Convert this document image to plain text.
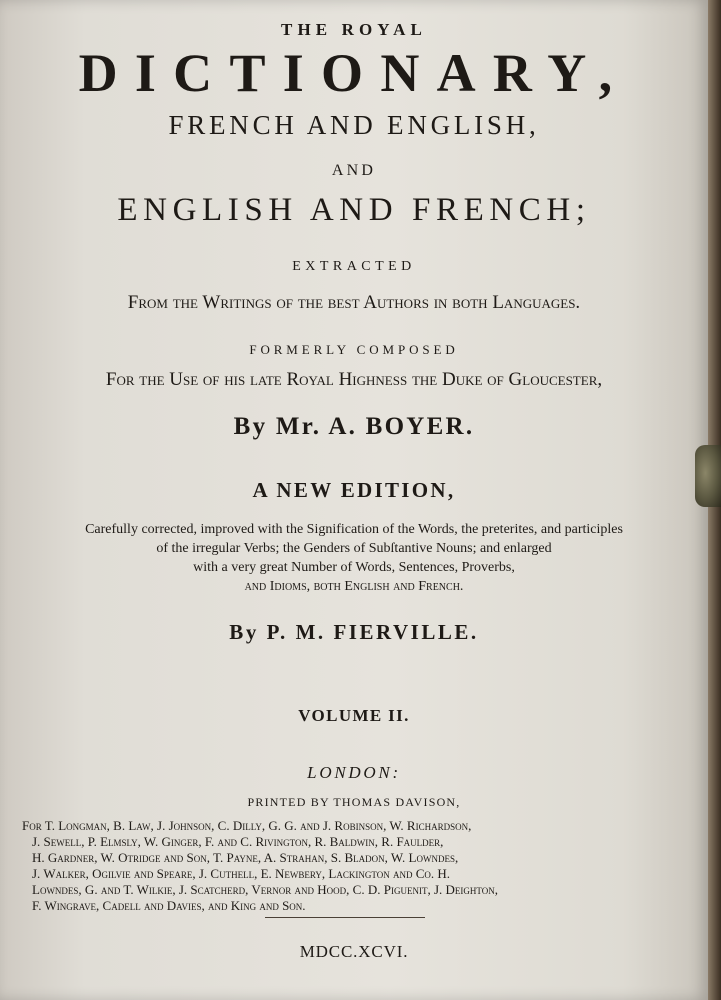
THE ROYAL
DICTIONARY,
FRENCH AND ENGLISH,
AND
ENGLISH AND FRENCH;
EXTRACTED
From the Writings of the best Authors in both Languages.
FORMERLY COMPOSED
For the Uſe of his late Royal Highneſs the Duke of Gloucester,
By Mr. A. BOYER.
A NEW EDITION,
Carefully corrected, improved with the Signification of the Words, the preterites, and participles
of the irregular Verbs; the Genders of Subſtantive Nouns; and enlarged
with a very great Number of Words, Sentences, Proverbs,
and Idioms, both English and French.
By P. M. FIERVILLE.
VOLUME II.
LONDON:
PRINTED BY THOMAS DAVISON,
For T. Longman, B. Law, J. Johnson, C. Dilly, G. G. and J. Robinson, W. Richardson,
J. Sewell, P. Elmsly, W. Ginger, F. and C. Rivington, R. Baldwin, R. Faulder,
H. Gardner, W. Otridge and Son, T. Payne, A. Strahan, S. Bladon, W. Lowndes,
J. Walker, Ogilvie and Speare, J. Cuthell, E. Newbery, Lackington and Co. H.
Lowndes, G. and T. Wilkie, J. Scatcherd, Vernor and Hood, C. D. Piguenit, J. Deighton,
F. Wingrave, Cadell and Davies, and King and Son.
MDCC.XCVI.
